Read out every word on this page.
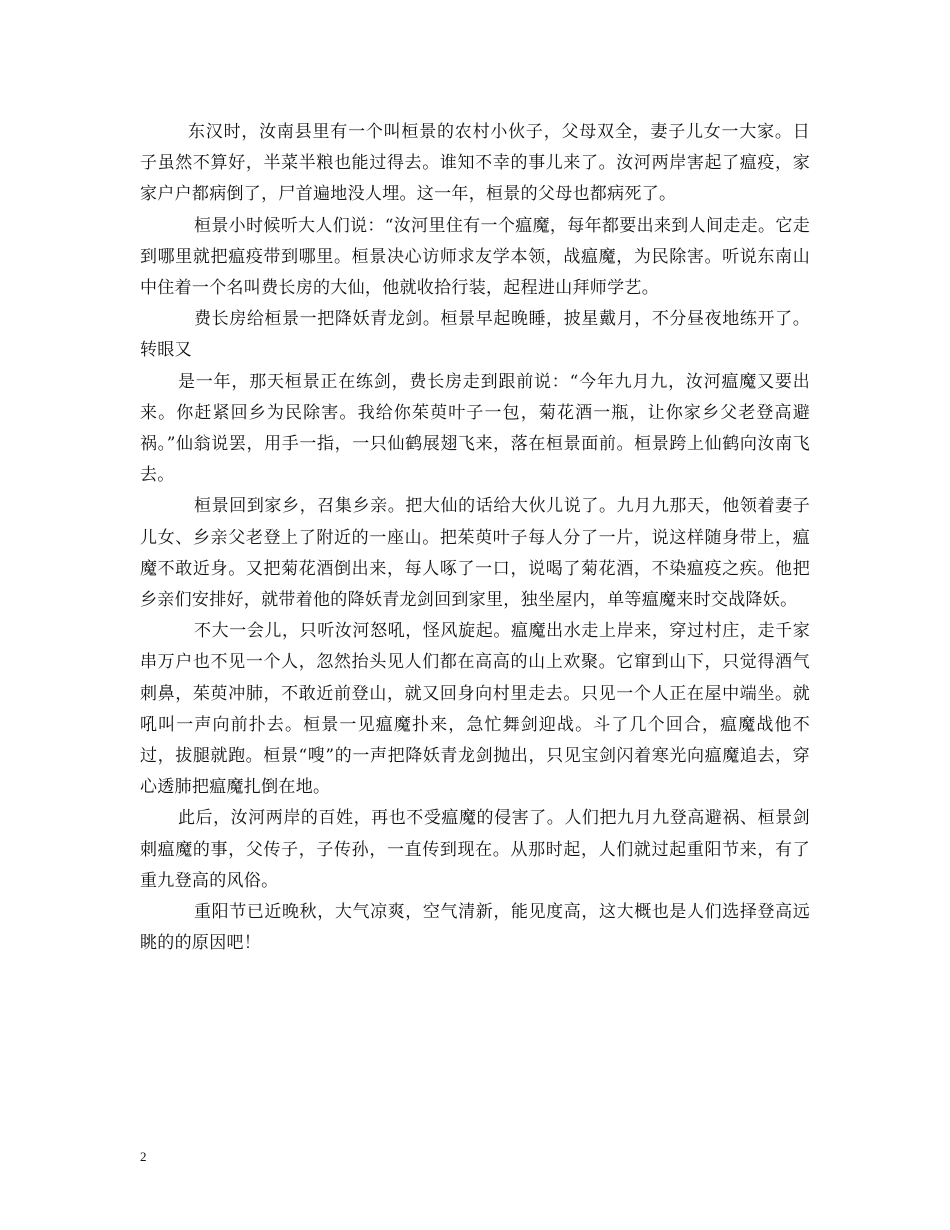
东汉时，汝南县里有一个叫桓景的农村小伙子，父母双全，妻子儿女一大家。日子虽然不算好，半菜半粮也能过得去。谁知不幸的事儿来了。汝河两岸害起了瘟疫，家家户户都病倒了，尸首遍地没人埋。这一年，桓景的父母也都病死了。

桓景小时候听大人们说：“汝河里住有一个瘟魔，每年都要出来到人间走走。它走到哪里就把瘟疫带到哪里。桓景决心访师求友学本领，战瘟魔，为民除害。听说东南山中住着一个名叫费长房的大仙，他就收拾行装，起程进山拜师学艺。

费长房给桓景一把降妖青龙剑。桓景早起晚睡，披星戴月，不分昼夜地练开了。转眼又

是一年，那天桓景正在练剑，费长房走到跟前说：“今年九月九，汝河瘟魔又要出来。你赶紧回乡为民除害。我给你茱萸叶子一包，菊花酒一瓶，让你家乡父老登高避祸。”仙翁说罢，用手一指，一只仙鹤展翅飞来，落在桓景面前。桓景跨上仙鹤向汝南飞去。

桓景回到家乡，召集乡亲。把大仙的话给大伙儿说了。九月九那天，他领着妻子儿女、乡亲父老登上了附近的一座山。把茱萸叶子每人分了一片，说这样随身带上，瘟魔不敢近身。又把菊花酒倒出来，每人啄了一口，说喝了菊花酒，不染瘟疫之疾。他把乡亲们安排好，就带着他的降妖青龙剑回到家里，独坐屋内，单等瘟魔来时交战降妖。

不大一会儿，只听汝河怒吼，怪风旋起。瘟魔出水走上岸来，穿过村庄，走千家串万户也不见一个人，忽然抬头见人们都在高高的山上欢聚。它窜到山下，只觉得酒气刺鼻，茱萸冲肺，不敢近前登山，就又回身向村里走去。只见一个人正在屋中端坐。就吼叫一声向前扑去。桓景一见瘟魔扑来，急忙舞剑迎战。斗了几个回合，瘟魔战他不过，拔腿就跑。桓景“嗖”的一声把降妖青龙剑抛出，只见宝剑闪着寒光向瘟魔追去，穿心透肺把瘟魔扎倒在地。

此后，汝河两岸的百姓，再也不受瘟魔的侵害了。人们把九月九登高避祸、桓景剑刺瘟魔的事，父传子，子传孙，一直传到现在。从那时起，人们就过起重阳节来，有了重九登高的风俗。

重阳节已近晚秋，大气凉爽，空气清新，能见度高，这大概也是人们选择登高远眺的的原因吧！

2
